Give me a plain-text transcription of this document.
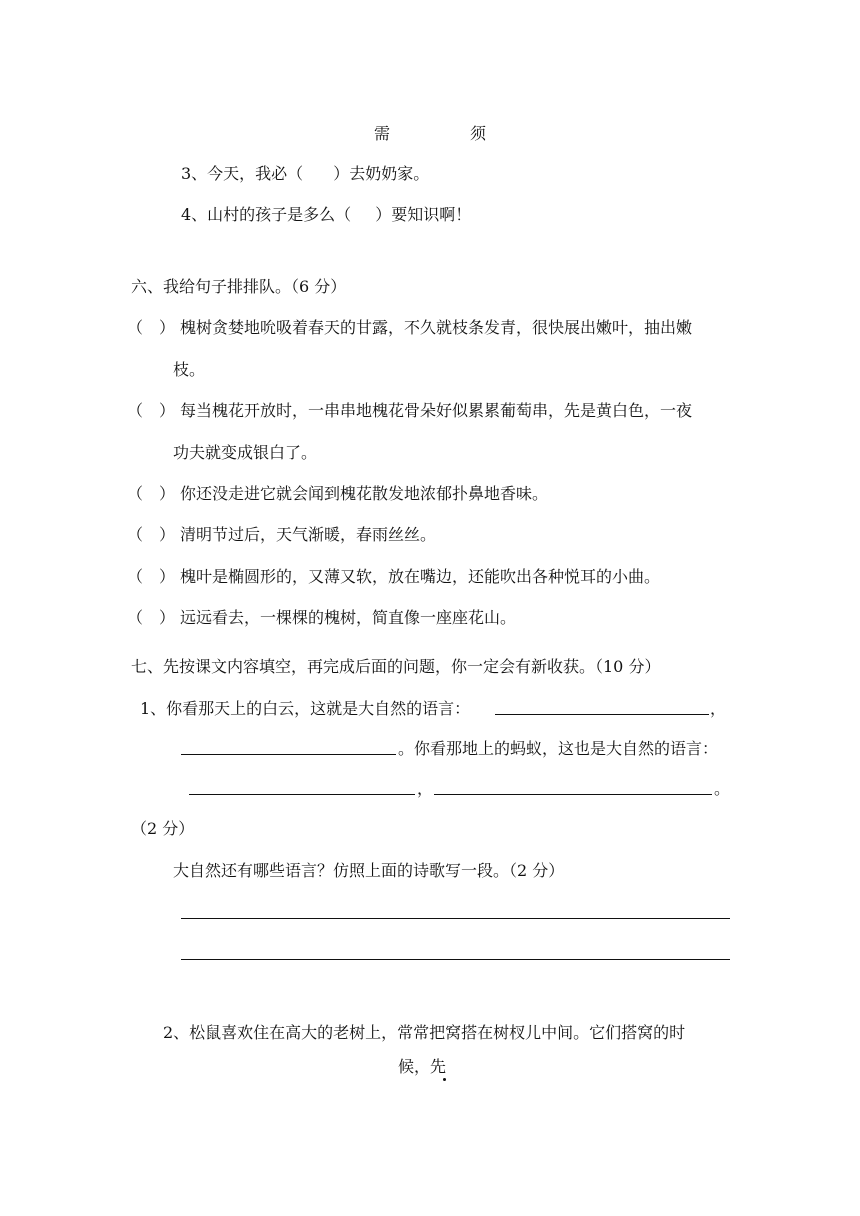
需	须
3、今天，我必（ ）去奶奶家。
4、山村的孩子是多么（ ）要知识啊！
六、我给句子排排队。（6 分）
（　） 槐树贪婪地吮吸着春天的甘露，不久就枝条发青，很快展出嫩叶，抽出嫩
枝。
（　） 每当槐花开放时，一串串地槐花骨朵好似累累葡萄串，先是黄白色，一夜
功夫就变成银白了。
（　） 你还没走进它就会闻到槐花散发地浓郁扑鼻地香味。
（　） 清明节过后，天气渐暖，春雨丝丝。
（　） 槐叶是椭圆形的，又薄又软，放在嘴边，还能吹出各种悦耳的小曲。
（　） 远远看去，一棵棵的槐树，简直像一座座花山。
七、先按课文内容填空，再完成后面的问题，你一定会有新收获。（10 分）
1、你看那天上的白云，这就是大自然的语言：	，
。你看那地上的蚂蚁，这也是大自然的语言：
，	。
（2 分）
大自然还有哪些语言？仿照上面的诗歌写一段。（2 分）
2、松鼠喜欢住在高大的老树上，常常把窝搭在树杈儿中间。它们搭窝的时
候，先
